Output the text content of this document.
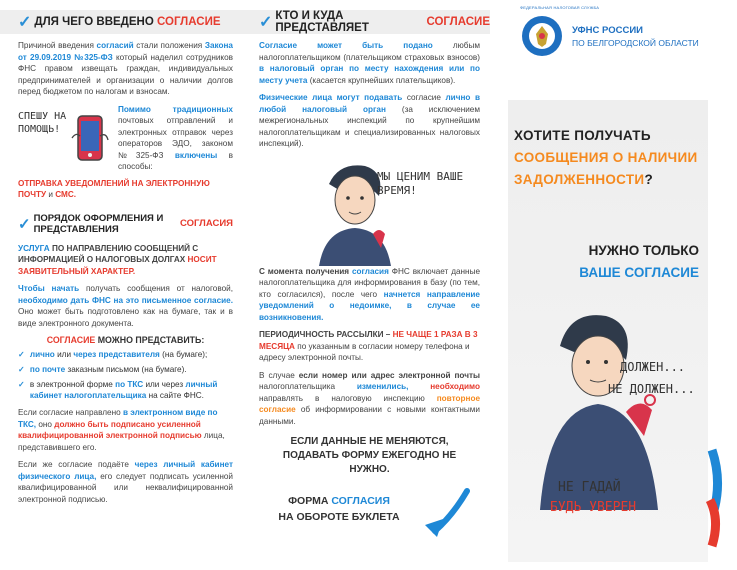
✓ ДЛЯ ЧЕГО ВВЕДЕНО
СОГЛАСИЕ
Причиной введения согласий стали положения Закона от 29.09.2019 №325-ФЗ который наделил сотрудников ФНС правом извещать граждан, индивидуальных предпринимателей и организации о наличии долгов перед бюджетом по налогам и взносам.
СПЕШУ НА ПОМОЩЬ!
Помимо традиционных почтовых отправлений и электронных отправок через операторов ЭДО, законом №325-ФЗ включены в способы:
ОТПРАВКА УВЕДОМЛЕНИЙ НА ЭЛЕКТРОННУЮ ПОЧТУ и СМС.
✓ ПОРЯДОК ОФОРМЛЕНИЯ И ПРЕДСТАВЛЕНИЯ
	СОГЛАСИЯ
УСЛУГА ПО НАПРАВЛЕНИЮ СООБЩЕНИЙ С ИНФОРМАЦИЕЙ О НАЛОГОВЫХ ДОЛГАХ НОСИТ ЗАЯВИТЕЛЬНЫЙ ХАРАКТЕР.
Чтобы начать получать сообщения от налоговой, необходимо дать ФНС на это письменное согласие. Оно может быть подготовлено как на бумаге, так и в виде электронного документа.
СОГЛАСИЕ МОЖНО ПРЕДСТАВИТЬ:
✓ лично или через представителя (на бумаге);
✓ по почте заказным письмом (на бумаге).
✓ в электронной форме по ТКС или через личный кабинет налогоплательщика на сайте ФНС.
Если согласие направлено в электронном виде по ТКС, оно должно быть подписано усиленной квалифицированной электронной подписью лица, представившего его.
Если же согласие подаёте через личный кабинет физического лица, его следует подписать усиленной квалифицированной или неквалифицированной электронной подписью.
✓ КТО И КУДА ПРЕДСТАВЛЯЕТ
	СОГЛАСИЕ
Согласие может быть подано любым налогоплательщиком (плательщиком страховых взносов) в налоговый орган по месту нахождения или по месту учета (касается крупнейших плательщиков).
Физические лица могут подавать согласие лично в любой налоговый орган (за исключением межрегиональных инспекций по крупнейшим налогоплательщикам и специализированных налоговых инспекций).
МЫ ЦЕНИМ ВАШЕ ВРЕМЯ!
С момента получения согласия ФНС включает данные налогоплательщика для информирования в базу (по тем, кто согласился), после чего начнется направление уведомлений о недоимке, в случае ее возникновения.
ПЕРИОДИЧНОСТЬ РАССЫЛКИ – НЕ ЧАЩЕ 1 РАЗА В 3 МЕСЯЦА по указанным в согласии номеру телефона и адресу электронной почты.
В случае если номер или адрес электронной почты налогоплательщика	изменились,	необходимо направлять в налоговую инспекцию повторное согласие об информировании с новыми контактными данными.
ЕСЛИ ДАННЫЕ НЕ МЕНЯЮТСЯ, ПОДАВАТЬ ФОРМУ ЕЖЕГОДНО НЕ НУЖНО.
ФОРМА СОГЛАСИЯ
НА ОБОРОТЕ БУКЛЕТА
УФНС РОССИИ
ПО БЕЛГОРОДСКОЙ ОБЛАСТИ
ФЕДЕРАЛЬНАЯ НАЛОГОВАЯ СЛУЖБА
ХОТИТЕ ПОЛУЧАТЬ
СООБЩЕНИЯ О НАЛИЧИИ
ЗАДОЛЖЕННОСТИ?
НУЖНО ТОЛЬКО
ВАШЕ СОГЛАСИЕ
ДОЛЖЕН...
НЕ ДОЛЖЕН...
НЕ ГАДАЙ
БУДЬ УВЕРЕН
